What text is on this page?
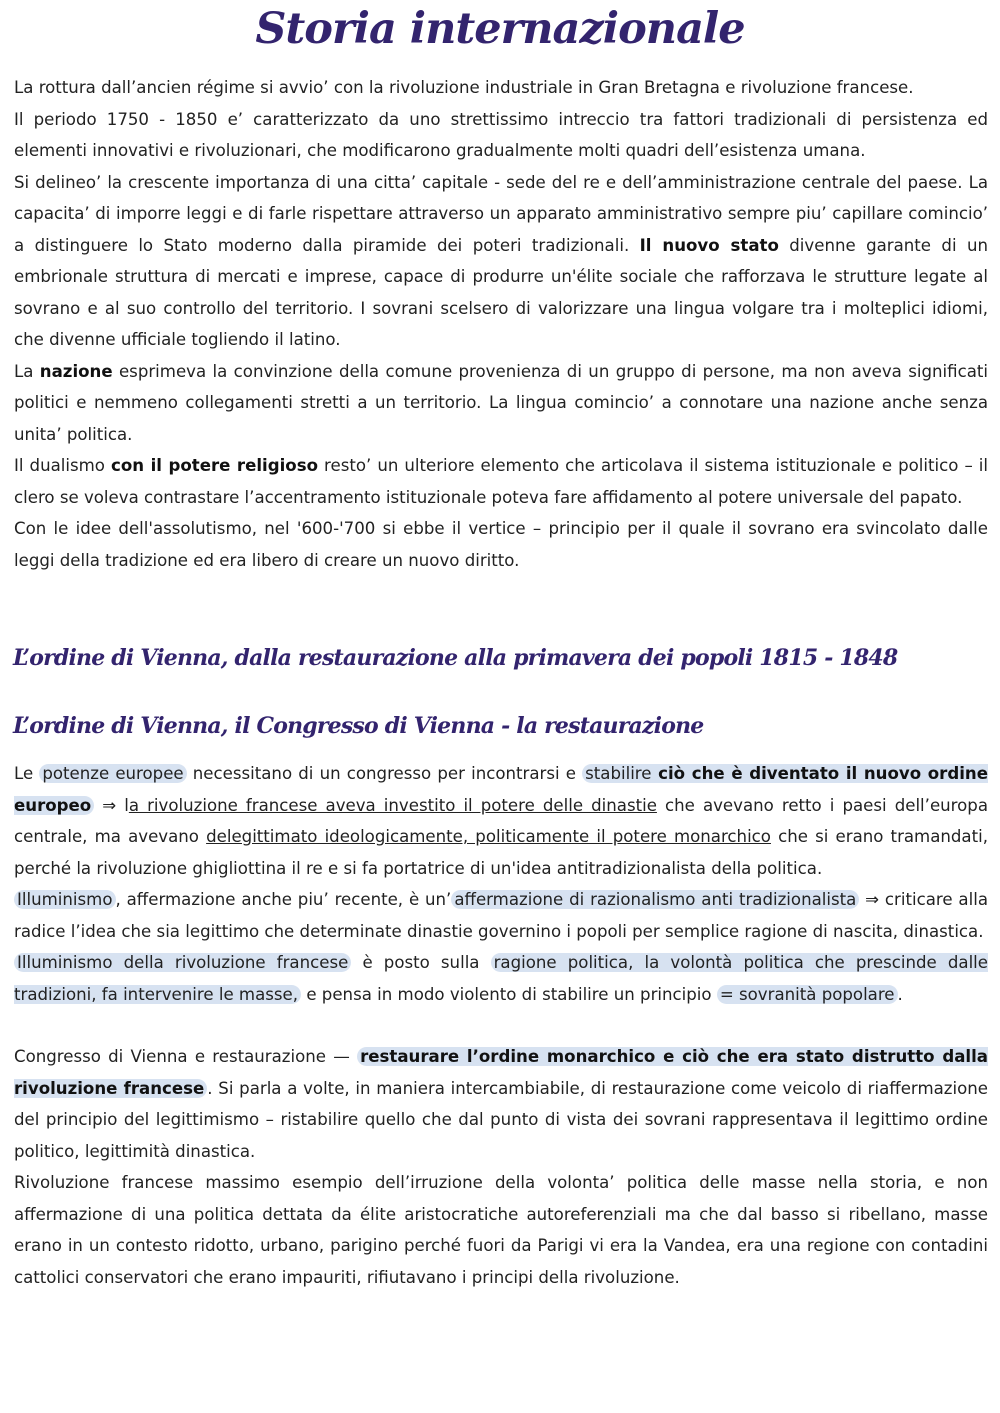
Storia internazionale

La rottura dall’ancien régime si avvio’ con la rivoluzione industriale in Gran Bretagna e rivoluzione francese.

Il periodo 1750 - 1850 e’ caratterizzato da uno strettissimo intreccio tra fattori tradizionali di persistenza ed elementi innovativi e rivoluzionari, che modificarono gradualmente molti quadri dell’esistenza umana.

Si delineo’ la crescente importanza di una citta’ capitale - sede del re e dell’amministrazione centrale del paese. La capacita’ di imporre leggi e di farle rispettare attraverso un apparato amministrativo sempre piu’ capillare comincio’ a distinguere lo Stato moderno dalla piramide dei poteri tradizionali. Il nuovo stato divenne garante di un embrionale struttura di mercati e imprese, capace di produrre un'élite sociale che rafforzava le strutture legate al sovrano e al suo controllo del territorio. I sovrani scelsero di valorizzare una lingua volgare tra i molteplici idiomi, che divenne ufficiale togliendo il latino.

La nazione esprimeva la convinzione della comune provenienza di un gruppo di persone, ma non aveva significati politici e nemmeno collegamenti stretti a un territorio. La lingua comincio’ a connotare una nazione anche senza unita’ politica.

Il dualismo con il potere religioso resto’ un ulteriore elemento che articolava il sistema istituzionale e politico – il clero se voleva contrastare l’accentramento istituzionale poteva fare affidamento al potere universale del papato.

Con le idee dell'assolutismo, nel '600-'700 si ebbe il vertice – principio per il quale il sovrano era svincolato dalle leggi della tradizione ed era libero di creare un nuovo diritto.

L’ordine di Vienna, dalla restaurazione alla primavera dei popoli 1815 - 1848
L’ordine di Vienna, il Congresso di Vienna - la restaurazione

Le potenze europee necessitano di un congresso per incontrarsi e stabilire ciò che è diventato il nuovo ordine europeo ⇒ la rivoluzione francese aveva investito il potere delle dinastie che avevano retto i paesi dell’europa centrale, ma avevano delegittimato ideologicamente, politicamente il potere monarchico che si erano tramandati, perché la rivoluzione ghigliottina il re e si fa portatrice di un'idea antitradizionalista della politica.

Illuminismo , affermazione anche piu’ recente, è un’ affermazione di razionalismo anti tradizionalista ⇒ criticare alla radice l’idea che sia legittimo che determinate dinastie governino i popoli per semplice ragione di nascita, dinastica.

Illuminismo della rivoluzione francese è posto sulla ragione politica, la volontà politica che prescinde dalle tradizioni, fa intervenire le masse, e pensa in modo violento di stabilire un principio = sovranità popolare .

Congresso di Vienna e restaurazione — restaurare l’ordine monarchico e ciò che era stato distrutto dalla rivoluzione francese . Si parla a volte, in maniera intercambiabile, di restaurazione come veicolo di riaffermazione del principio del legittimismo – ristabilire quello che dal punto di vista dei sovrani rappresentava il legittimo ordine politico, legittimità dinastica.

Rivoluzione francese massimo esempio dell’irruzione della volonta’ politica delle masse nella storia, e non affermazione di una politica dettata da élite aristocratiche autoreferenziali ma che dal basso si ribellano, masse erano in un contesto ridotto, urbano, parigino perché fuori da Parigi vi era la Vandea, era una regione con contadini cattolici conservatori che erano impauriti, rifiutavano i principi della rivoluzione.
